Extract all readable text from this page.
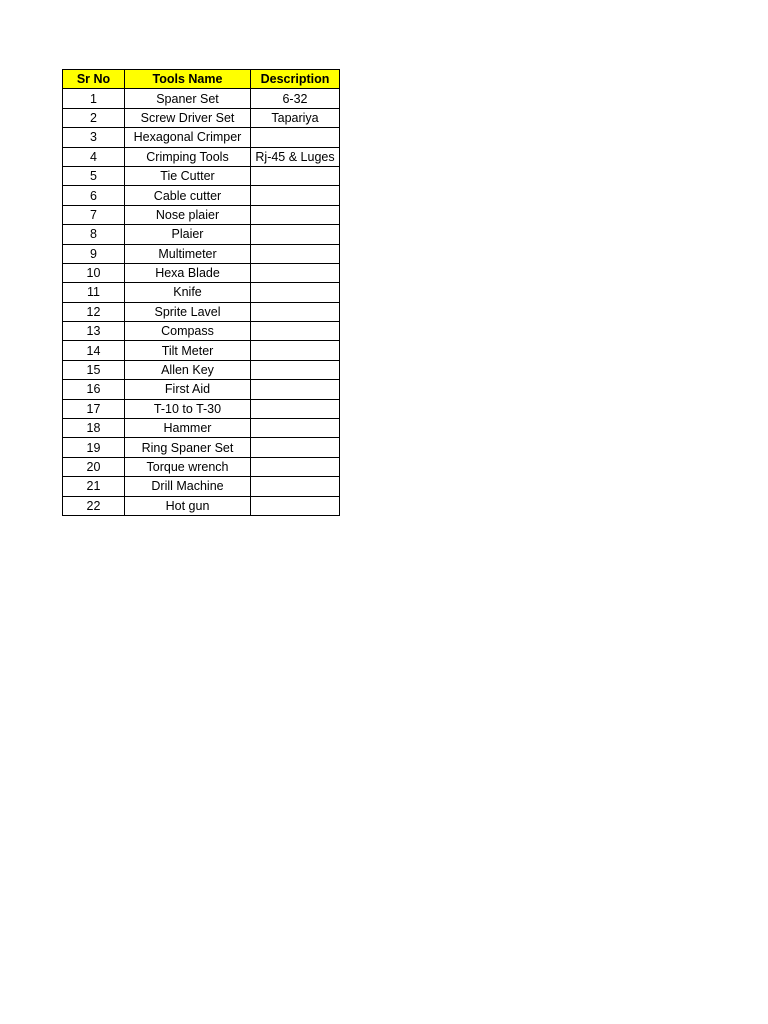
Sr No	Tools Name	Description
1	Spaner Set	6-32
2	Screw Driver Set	Tapariya
3	Hexagonal Crimper	
4	Crimping Tools	Rj-45 & Luges
5	Tie Cutter	
6	Cable cutter	
7	Nose plaier	
8	Plaier	
9	Multimeter	
10	Hexa Blade	
11	Knife	
12	Sprite Lavel	
13	Compass	
14	Tilt Meter	
15	Allen Key	
16	First Aid	
17	T-10 to T-30	
18	Hammer	
19	Ring Spaner Set	
20	Torque wrench	
21	Drill Machine	
22	Hot gun	
